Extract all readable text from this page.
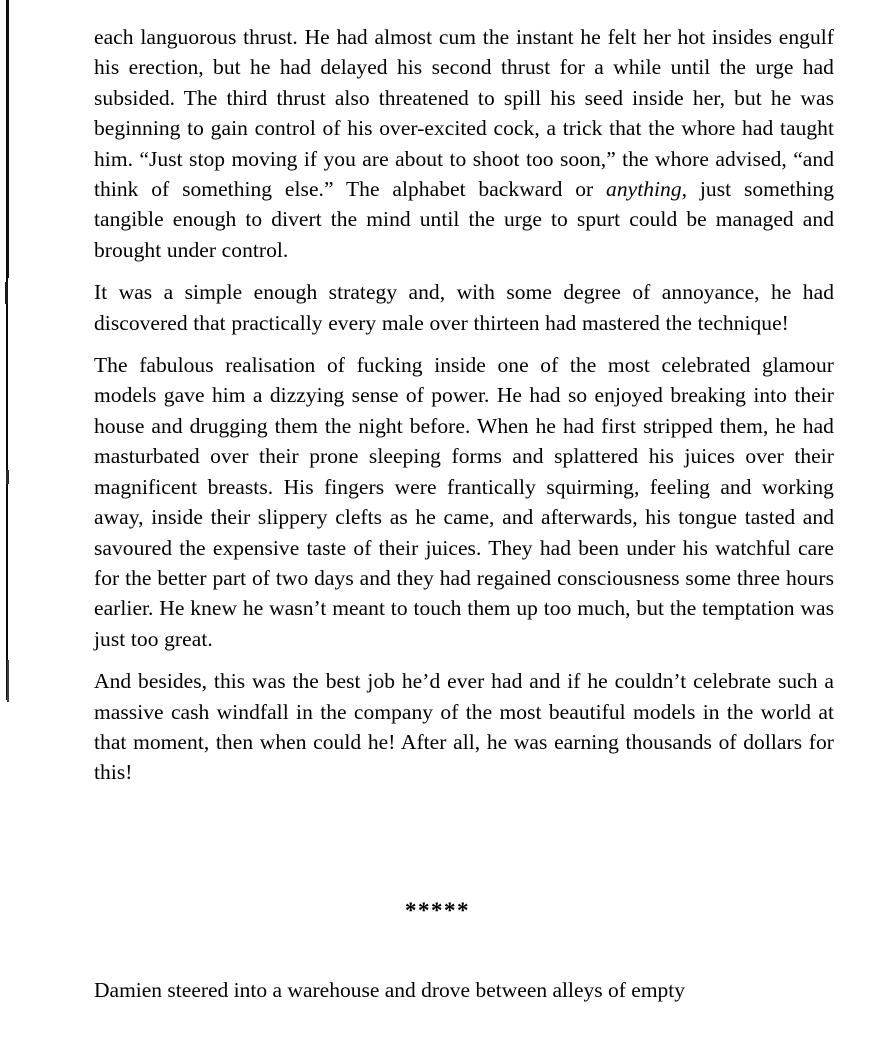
each languorous thrust. He had almost cum the instant he felt her hot insides engulf his erection, but he had delayed his second thrust for a while until the urge had subsided. The third thrust also threatened to spill his seed inside her, but he was beginning to gain control of his over-excited cock, a trick that the whore had taught him. “Just stop moving if you are about to shoot too soon,” the whore advised, “and think of something else.” The alphabet backward or anything, just something tangible enough to divert the mind until the urge to spurt could be managed and brought under control.

It was a simple enough strategy and, with some degree of annoyance, he had discovered that practically every male over thirteen had mastered the technique!

The fabulous realisation of fucking inside one of the most celebrated glamour models gave him a dizzying sense of power. He had so enjoyed breaking into their house and drugging them the night before. When he had first stripped them, he had masturbated over their prone sleeping forms and splattered his juices over their magnificent breasts. His fingers were frantically squirming, feeling and working away, inside their slippery clefts as he came, and afterwards, his tongue tasted and savoured the expensive taste of their juices. They had been under his watchful care for the better part of two days and they had regained consciousness some three hours earlier. He knew he wasn’t meant to touch them up too much, but the temptation was just too great.

And besides, this was the best job he’d ever had and if he couldn’t celebrate such a massive cash windfall in the company of the most beautiful models in the world at that moment, then when could he! After all, he was earning thousands of dollars for this!

*****
Damien steered into a warehouse and drove between alleys of empty
